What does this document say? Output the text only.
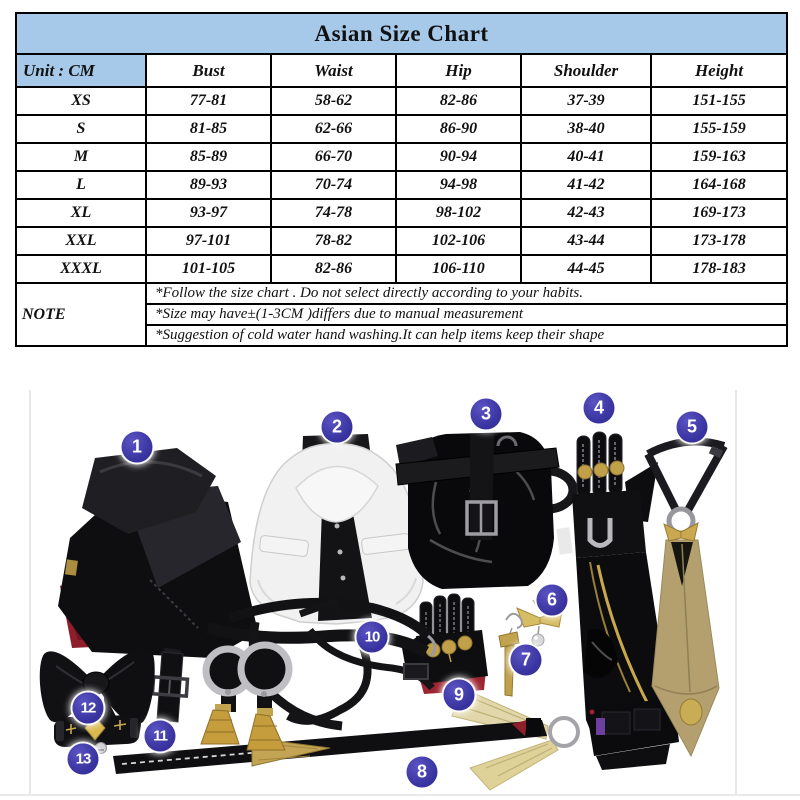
Asian Size Chart					
Unit : CM	Bust	Waist	Hip	Shoulder	Height
XS	77-81	58-62	82-86	37-39	151-155
S	81-85	62-66	86-90	38-40	155-159
M	85-89	66-70	90-94	40-41	159-163
L	89-93	70-74	94-98	41-42	164-168
XL	93-97	74-78	98-102	42-43	169-173
XXL	97-101	78-82	102-106	43-44	173-178
XXXL	101-105	82-86	106-110	44-45	178-183
NOTE	*Follow the size chart . Do not select directly according to your habits.				
	*Size may have±(1-3CM )differs due to manual measurement				
	*Suggestion of cold water hand washing.It can help items keep their shape				
1
2
3	4
5
6
7
8
9
10
11
12
13
